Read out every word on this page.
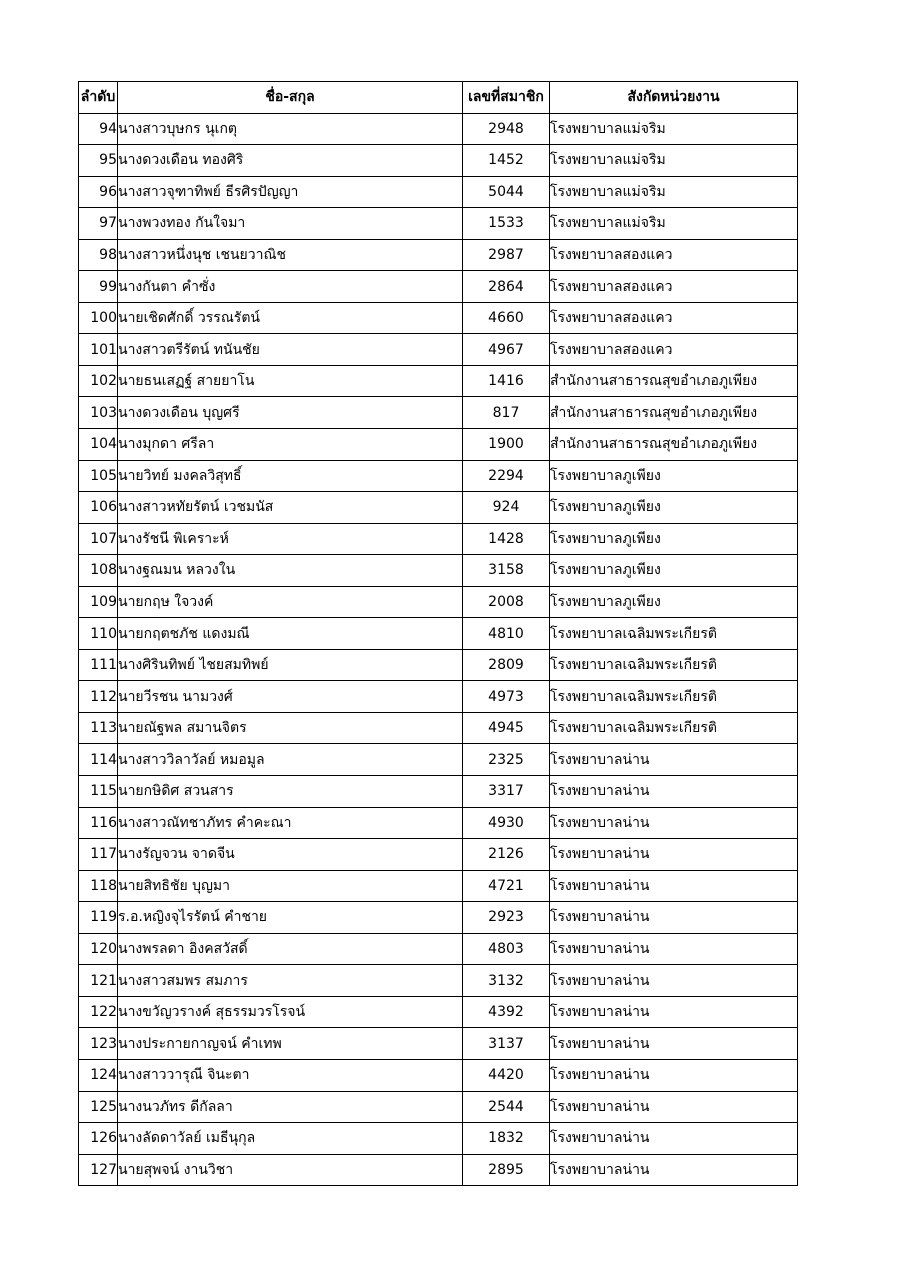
ลำดับ	ชื่อ-สกุล	เลขที่สมาชิก	สังกัดหน่วยงาน
94	นางสาวบุษกร นุเกตุ	2948	โรงพยาบาลแม่จริม
95	นางดวงเดือน ทองศิริ	1452	โรงพยาบาลแม่จริม
96	นางสาวจุฑาทิพย์ ธีรศิรปัญญา	5044	โรงพยาบาลแม่จริม
97	นางพวงทอง กันใจมา	1533	โรงพยาบาลแม่จริม
98	นางสาวหนึ่งนุช เชนยวาณิช	2987	โรงพยาบาลสองแคว
99	นางกันตา คำซั่ง	2864	โรงพยาบาลสองแคว
100	นายเชิดศักดิ์ วรรณรัตน์	4660	โรงพยาบาลสองแคว
101	นางสาวตรีรัตน์ ทนันชัย	4967	โรงพยาบาลสองแคว
102	นายธนเสฏฐ์ สายยาโน	1416	สำนักงานสาธารณสุขอำเภอภูเพียง
103	นางดวงเดือน บุญศรี	817	สำนักงานสาธารณสุขอำเภอภูเพียง
104	นางมุกดา ศรีลา	1900	สำนักงานสาธารณสุขอำเภอภูเพียง
105	นายวิทย์ มงคลวิสุทธิ์	2294	โรงพยาบาลภูเพียง
106	นางสาวหทัยรัตน์ เวชมนัส	924	โรงพยาบาลภูเพียง
107	นางรัชนี พิเคราะห์	1428	โรงพยาบาลภูเพียง
108	นางฐณมน หลวงใน	3158	โรงพยาบาลภูเพียง
109	นายกฤษ ใจวงค์	2008	โรงพยาบาลภูเพียง
110	นายกฤตชภัช แดงมณี	4810	โรงพยาบาลเฉลิมพระเกียรติ
111	นางศิรินทิพย์ ไชยสมทิพย์	2809	โรงพยาบาลเฉลิมพระเกียรติ
112	นายวีรชน นามวงศ์	4973	โรงพยาบาลเฉลิมพระเกียรติ
113	นายณัฐพล สมานจิตร	4945	โรงพยาบาลเฉลิมพระเกียรติ
114	นางสาววิลาวัลย์ หมอมูล	2325	โรงพยาบาลน่าน
115	นายกษิดิศ สวนสาร	3317	โรงพยาบาลน่าน
116	นางสาวณัทชาภัทร คำคะณา	4930	โรงพยาบาลน่าน
117	นางรัญจวน จาดจีน	2126	โรงพยาบาลน่าน
118	นายสิทธิชัย บุญมา	4721	โรงพยาบาลน่าน
119	ร.อ.หญิงจุไรรัตน์ คำชาย	2923	โรงพยาบาลน่าน
120	นางพรลดา อิงคสวัสดิ์	4803	โรงพยาบาลน่าน
121	นางสาวสมพร สมภาร	3132	โรงพยาบาลน่าน
122	นางขวัญวรางค์ สุธรรมวรโรจน์	4392	โรงพยาบาลน่าน
123	นางประกายกาญจน์ คำเทพ	3137	โรงพยาบาลน่าน
124	นางสาววารุณี จินะตา	4420	โรงพยาบาลน่าน
125	นางนวภัทร ดีกัลลา	2544	โรงพยาบาลน่าน
126	นางลัดดาวัลย์ เมธีนุกุล	1832	โรงพยาบาลน่าน
127	นายสุพจน์ งานวิชา	2895	โรงพยาบาลน่าน
